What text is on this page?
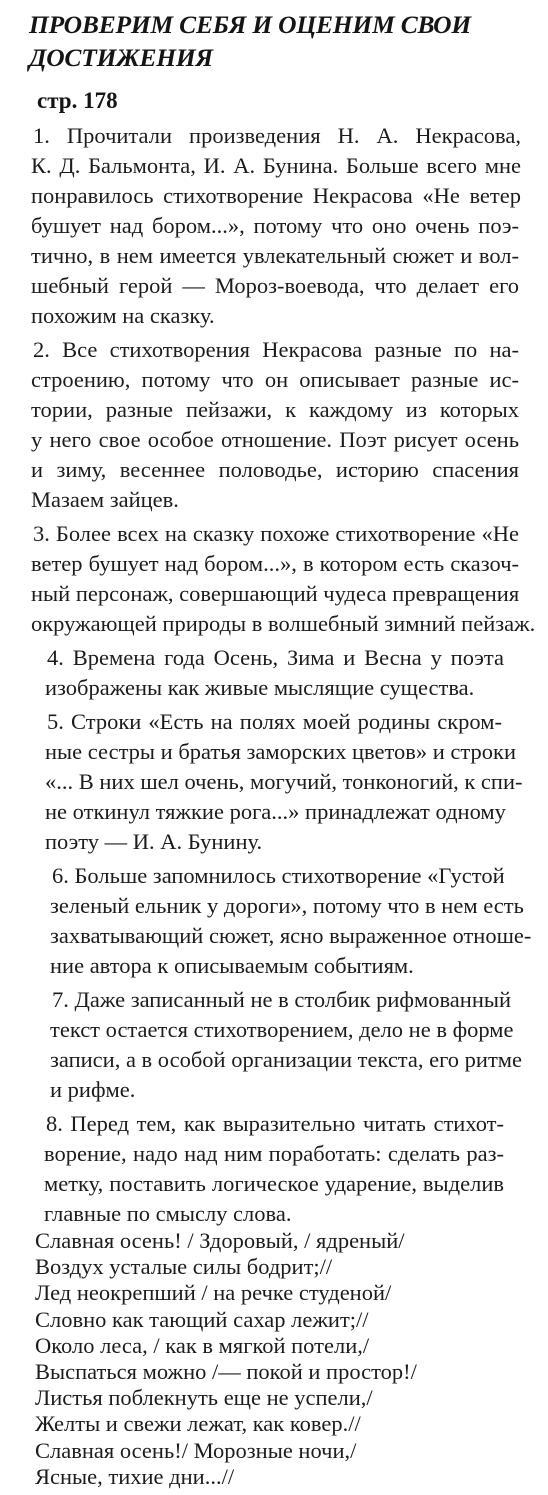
ПРОВЕРИМ СЕБЯ И ОЦЕНИМ СВОИ
ДОСТИЖЕНИЯ
стр. 178
1. Прочитали произведения Н. А. Некрасова,
К. Д. Бальмонта, И. А. Бунина. Больше всего мне
понравилось стихотворение Некрасова «Не ветер
бушует над бором...», потому что оно очень поэ-
тично, в нем имеется увлекательный сюжет и вол-
шебный герой — Мороз-воевода, что делает его
похожим на сказку.
2. Все стихотворения Некрасова разные по на-
строению, потому что он описывает разные ис-
тории, разные пейзажи, к каждому из которых
у него свое особое отношение. Поэт рисует осень
и зиму, весеннее половодье, историю спасения
Мазаем зайцев.
3. Более всех на сказку похоже стихотворение «Не
ветер бушует над бором...», в котором есть сказоч-
ный персонаж, совершающий чудеса превращения
окружающей природы в волшебный зимний пейзаж.
4. Времена года Осень, Зима и Весна у поэта
изображены как живые мыслящие существа.
5. Строки «Есть на полях моей родины скром-
ные сестры и братья заморских цветов» и строки
«... В них шел очень, могучий, тонконогий, к спи-
не откинул тяжкие рога...» принадлежат одному
поэту — И. А. Бунину.
6. Больше запомнилось стихотворение «Густой
зеленый ельник у дороги», потому что в нем есть
захватывающий сюжет, ясно выраженное отноше-
ние автора к описываемым событиям.
7. Даже записанный не в столбик рифмованный
текст остается стихотворением, дело не в форме
записи, а в особой организации текста, его ритме
и рифме.
8. Перед тем, как выразительно читать стихот-
ворение, надо над ним поработать: сделать раз-
метку, поставить логическое ударение, выделив
главные по смыслу слова.
Славная осень! / Здоровый, / ядреный/
Воздух усталые силы бодрит;//
Лед неокрепший / на речке студеной/
Словно как тающий сахар лежит;//
Около леса, / как в мягкой потели,/
Выспаться можно /— покой и простор!/
Листья поблекнуть еще не успели,/
Желты и свежи лежат, как ковер.//
Славная осень!/ Морозные ночи,/
Ясные, тихие дни...//
